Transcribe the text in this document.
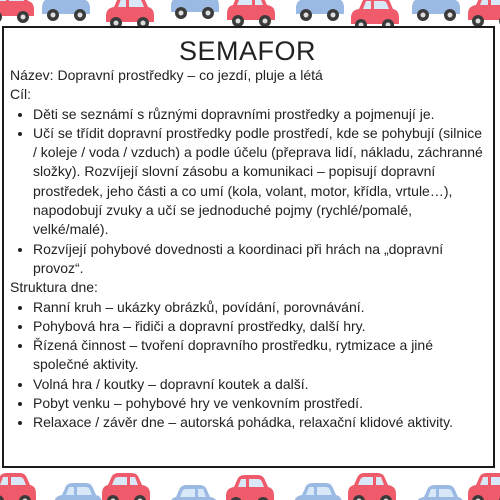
SEMAFOR
Název: Dopravní prostředky – co jezdí, pluje a létá
Cíl:
• Děti se seznámí s různými dopravními prostředky a pojmenují je.
• Učí se třídit dopravní prostředky podle prostředí, kde se pohybují (silnice / koleje / voda / vzduch) a podle účelu (přeprava lidí, nákladu, záchranné složky). Rozvíjejí slovní zásobu a komunikaci – popisují dopravní prostředek, jeho části a co umí (kola, volant, motor, křídla, vrtule…), napodobují zvuky a učí se jednoduché pojmy (rychlé/pomalé, velké/malé).
• Rozvíjejí pohybové dovednosti a koordinaci při hrách na „dopravní provoz“.
Struktura dne:
• Ranní kruh – ukázky obrázků, povídání, porovnávání.
• Pohybová hra – řidiči a dopravní prostředky, další hry.
• Řízená činnost – tvoření dopravního prostředku, rytmizace a jiné společné aktivity.
• Volná hra / koutky – dopravní koutek a další.
• Pobyt venku – pohybové hry ve venkovním prostředí.
• Relaxace / závěr dne – autorská pohádka, relaxační klidové aktivity.
